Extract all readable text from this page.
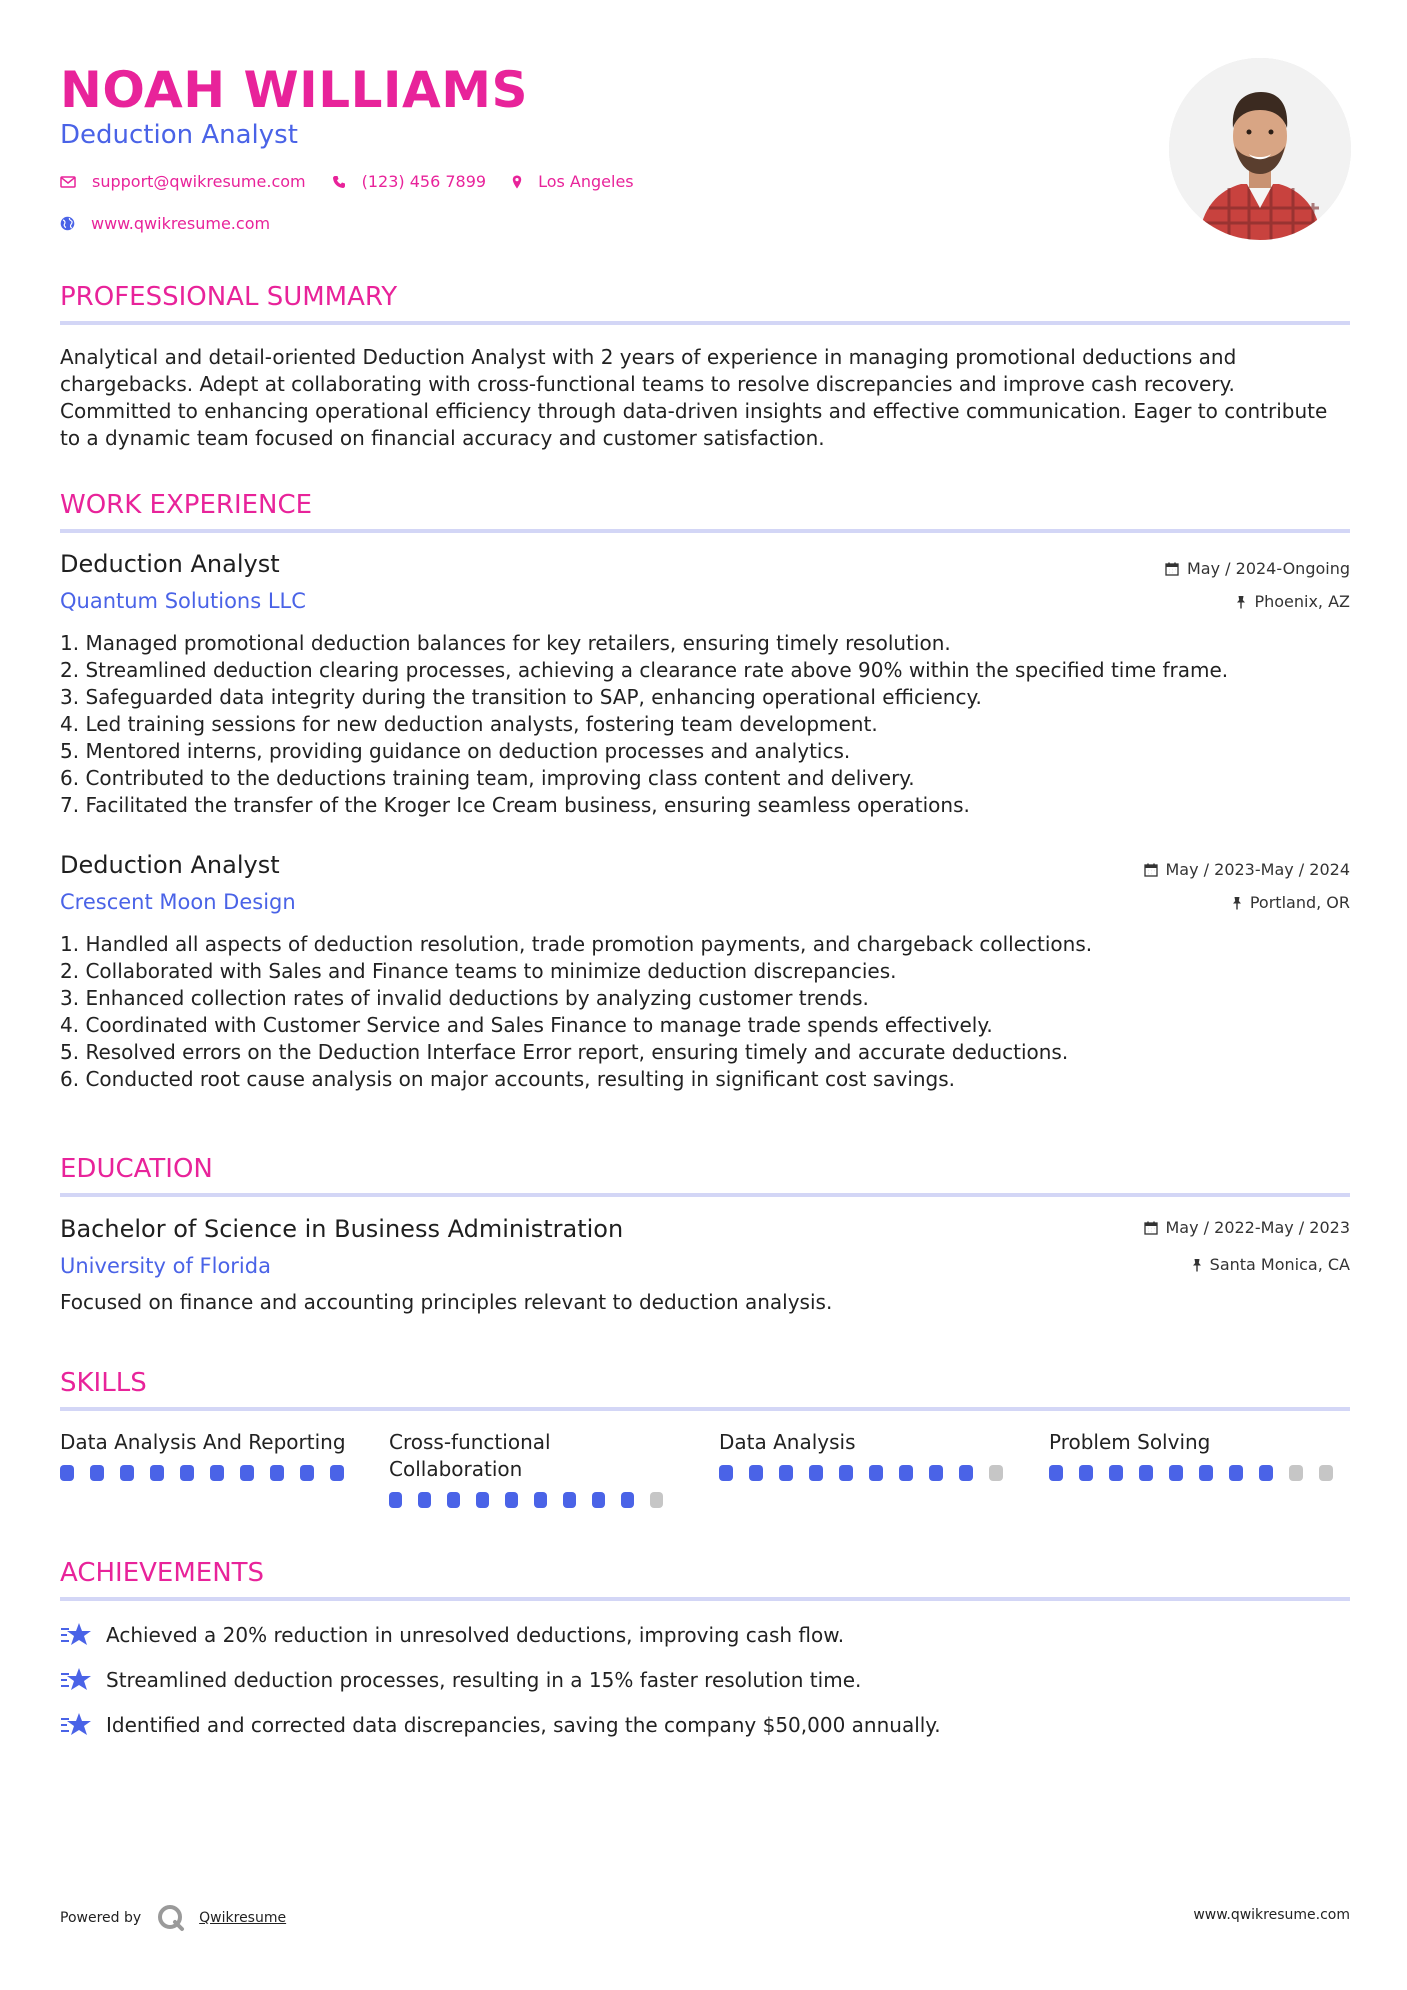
NOAH WILLIAMS
Deduction Analyst
support@qwikresume.com	(123) 456 7899	Los Angeles
www.qwikresume.com
PROFESSIONAL SUMMARY
Analytical and detail-oriented Deduction Analyst with 2 years of experience in managing promotional deductions and chargebacks. Adept at collaborating with cross-functional teams to resolve discrepancies and improve cash recovery. Committed to enhancing operational efficiency through data-driven insights and effective communication. Eager to contribute to a dynamic team focused on financial accuracy and customer satisfaction.
WORK EXPERIENCE
Deduction Analyst	May / 2024-Ongoing
Quantum Solutions LLC	Phoenix, AZ
1. Managed promotional deduction balances for key retailers, ensuring timely resolution.
2. Streamlined deduction clearing processes, achieving a clearance rate above 90% within the specified time frame.
3. Safeguarded data integrity during the transition to SAP, enhancing operational efficiency.
4. Led training sessions for new deduction analysts, fostering team development.
5. Mentored interns, providing guidance on deduction processes and analytics.
6. Contributed to the deductions training team, improving class content and delivery.
7. Facilitated the transfer of the Kroger Ice Cream business, ensuring seamless operations.
Deduction Analyst	May / 2023-May / 2024
Crescent Moon Design	Portland, OR
1. Handled all aspects of deduction resolution, trade promotion payments, and chargeback collections.
2. Collaborated with Sales and Finance teams to minimize deduction discrepancies.
3. Enhanced collection rates of invalid deductions by analyzing customer trends.
4. Coordinated with Customer Service and Sales Finance to manage trade spends effectively.
5. Resolved errors on the Deduction Interface Error report, ensuring timely and accurate deductions.
6. Conducted root cause analysis on major accounts, resulting in significant cost savings.
EDUCATION
Bachelor of Science in Business Administration	May / 2022-May / 2023
University of Florida	Santa Monica, CA
Focused on finance and accounting principles relevant to deduction analysis.
SKILLS
Data Analysis And Reporting	Cross-functional Collaboration
Data Analysis	Problem Solving
ACHIEVEMENTS
Achieved a 20% reduction in unresolved deductions, improving cash flow.
Streamlined deduction processes, resulting in a 15% faster resolution time.
Identified and corrected data discrepancies, saving the company $50,000 annually.
Powered by	Qwikresume	www.qwikresume.com
